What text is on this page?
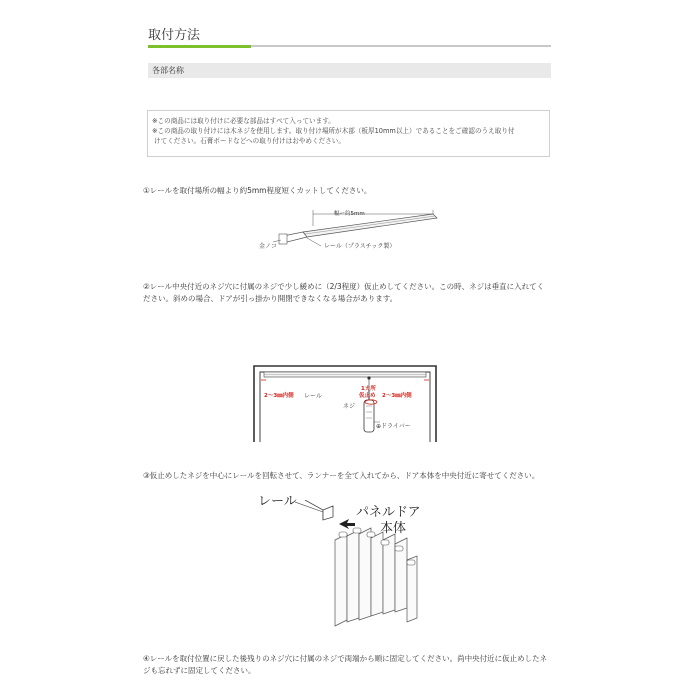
取付方法
各部名称

※この商品には取り付けに必要な部品はすべて入っています。

※この商品の取り付けには木ネジを使用します。取り付け場所が木部（板厚10mm以上）であることをご確認のうえ取り付

けてください。石膏ボードなどへの取り付けはおやめください。

①レールを取付場所の幅より約5mm程度短くカットしてください。
幅ー約5mm
金ノコ	レール（プラスチック製）
②レール中央付近のネジ穴に付属のネジで少し緩めに（2/3程度）仮止めしてください。この時、ネジは垂直に入れてく
ださい。斜めの場合、ドアが引っ掛かり開閉できなくなる場合があります。
2～3㎜内側 レール
1カ所
仮止め 2～3㎜内側
ネジ
⊕ドライバー
③仮止めしたネジを中心にレールを回転させて、ランナーを全て入れてから、ドア本体を中央付近に寄せてください。
レール
パネルドア
本体
④レールを取付位置に戻した後残りのネジ穴に付属のネジで両端から順に固定してください。尚中央付近に仮止めしたネ
ジも忘れずに固定してください。
